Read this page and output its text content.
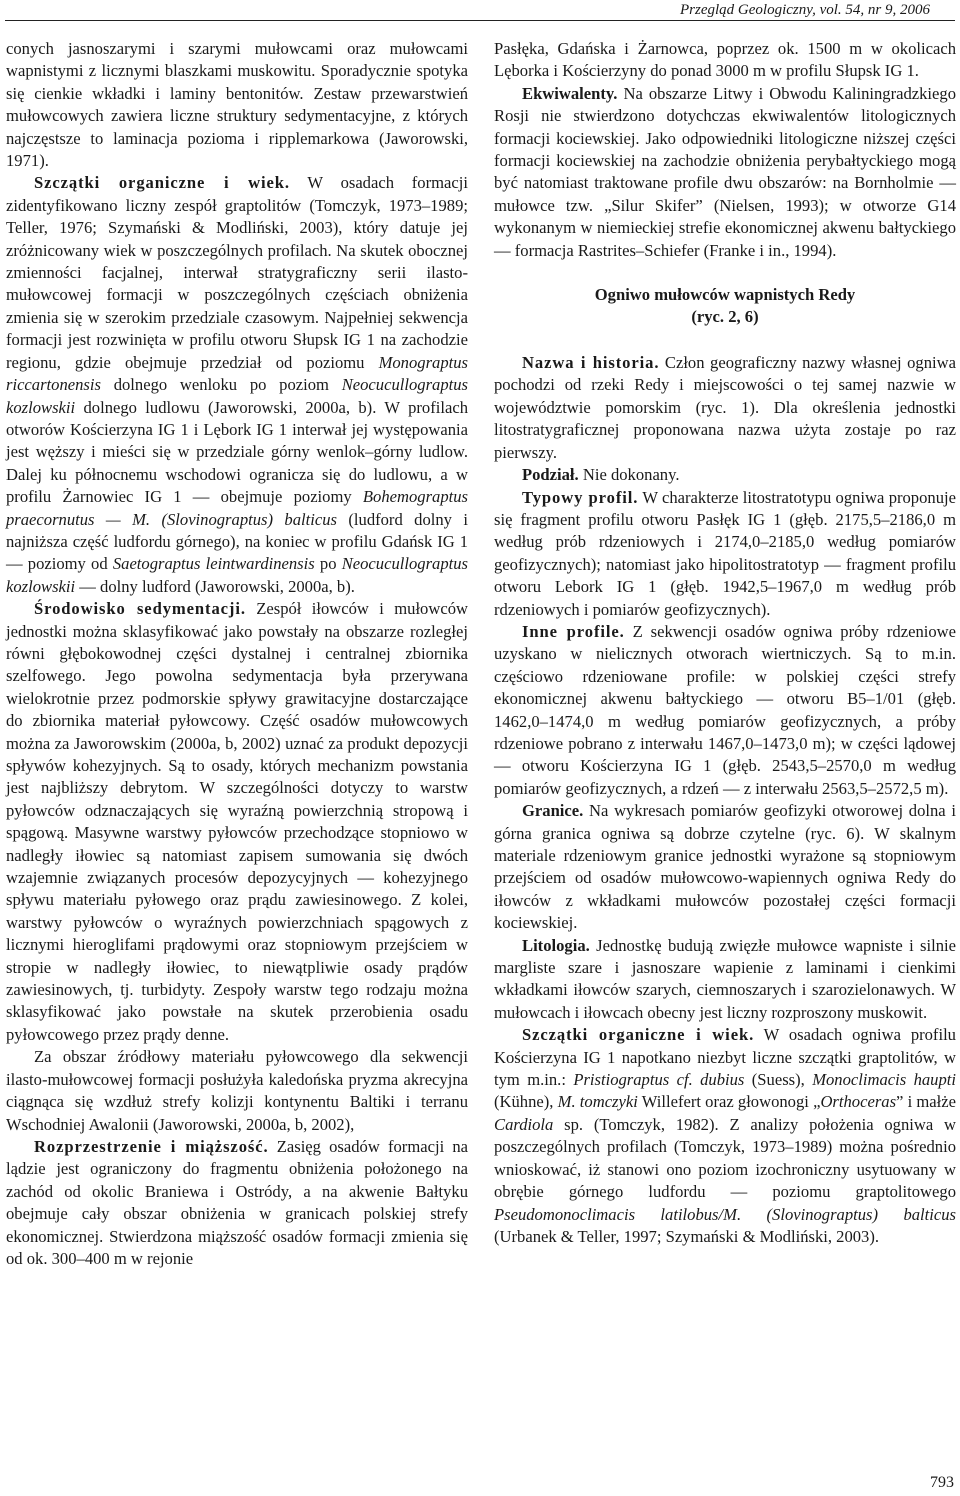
Przegląd Geologiczny, vol. 54, nr 9, 2006

conych jasnoszarymi i szarymi mułowcami oraz mułowcami wapnistymi z licznymi blaszkami muskowitu. Sporadycznie spotyka się cienkie wkładki i laminy bentonitów. Zestaw przewarstwień mułowcowych zawiera liczne struktury sedymentacyjne, z których najczęstsze to laminacja pozioma i ripplemarkowa (Jaworowski, 1971).

Szczątki organiczne i wiek. W osadach formacji zidentyfikowano liczny zespół graptolitów (Tomczyk, 1973–1989; Teller, 1976; Szymański & Modliński, 2003), który datuje jej zróżnicowany wiek w poszczególnych profilach. Na skutek obocznej zmienności facjalnej, interwał stratygraficzny serii ilasto-mułowcowej formacji w poszczególnych częściach obniżenia zmienia się w szerokim przedziale czasowym. Najpełniej sekwencja formacji jest rozwinięta w profilu otworu Słupsk IG 1 na zachodzie regionu, gdzie obejmuje przedział od poziomu Monograptus riccartonensis dolnego wenloku po poziom Neocucullograptus kozlowskii dolnego ludlowu (Jaworowski, 2000a, b). W profilach otworów Kościerzyna IG 1 i Lębork IG 1 interwał jej występowania jest węższy i mieści się w przedziale górny wenlok–górny ludlow. Dalej ku północnemu wschodowi ogranicza się do ludlowu, a w profilu Żarnowiec IG 1 — obejmuje poziomy Bohemograptus praecornutus — M. (Slovinograptus) balticus (ludford dolny i najniższa część ludfordu górnego), na koniec w profilu Gdańsk IG 1 — poziomy od Saetograptus leintwardinensis po Neocucullograptus kozlowskii — dolny ludford (Jaworowski, 2000a, b).

Środowisko sedymentacji. Zespół iłowców i mułowców jednostki można sklasyfikować jako powstały na obszarze rozległej równi głębokowodnej części dystalnej i centralnej zbiornika szelfowego. Jego powolna sedymentacja była przerywana wielokrotnie przez podmorskie spływy grawitacyjne dostarczające do zbiornika materiał pyłowcowy. Część osadów mułowcowych można za Jaworowskim (2000a, b, 2002) uznać za produkt depozycji spływów kohezyjnych. Są to osady, których mechanizm powstania jest najbliższy debrytom. W szczególności dotyczy to warstw pyłowców odznaczających się wyraźną powierzchnią stropową i spągową. Masywne warstwy pyłowców przechodzące stopniowo w nadległy iłowiec są natomiast zapisem sumowania się dwóch wzajemnie związanych procesów depozycyjnych — kohezyjnego spływu materiału pyłowego oraz prądu zawiesinowego. Z kolei, warstwy pyłowców o wyraźnych powierzchniach spągowych z licznymi hieroglifami prądowymi oraz stopniowym przejściem w stropie w nadległy iłowiec, to niewątpliwie osady prądów zawiesinowych, tj. turbidyty. Zespoły warstw tego rodzaju można sklasyfikować jako powstałe na skutek przerobienia osadu pyłowcowego przez prądy denne.

Za obszar źródłowy materiału pyłowcowego dla sekwencji ilasto-mułowcowej formacji posłużyła kaledońska pryzma akrecyjna ciągnąca się wzdłuż strefy kolizji kontynentu Baltiki i terranu Wschodniej Awalonii (Jaworowski, 2000a, b, 2002),

Rozprzestrzenie i miąższość. Zasięg osadów formacji na lądzie jest ograniczony do fragmentu obniżenia położonego na zachód od okolic Braniewa i Ostródy, a na akwenie Bałtyku obejmuje cały obszar obniżenia w granicach polskiej strefy ekonomicznej. Stwierdzona miąższość osadów formacji zmienia się od ok. 300–400 m w rejonie

Pasłęka, Gdańska i Żarnowca, poprzez ok. 1500 m w okolicach Lęborka i Kościerzyny do ponad 3000 m w profilu Słupsk IG 1.

Ekwiwalenty. Na obszarze Litwy i Obwodu Kaliningradzkiego Rosji nie stwierdzono dotychczas ekwiwalentów litologicznych formacji kociewskiej. Jako odpowiedniki litologiczne niższej części formacji kociewskiej na zachodzie obniżenia perybałtyckiego mogą być natomiast traktowane profile dwu obszarów: na Bornholmie — mułowce tzw. „Silur Skifer” (Nielsen, 1993); w otworze G14 wykonanym w niemieckiej strefie ekonomicznej akwenu bałtyckiego — formacja Rastrites–Schiefer (Franke i in., 1994).

Ogniwo mułowców wapnistych Redy
(ryc. 2, 6)

Nazwa i historia. Człon geograficzny nazwy własnej ogniwa pochodzi od rzeki Redy i miejscowości o tej samej nazwie w województwie pomorskim (ryc. 1). Dla określenia jednostki litostratygraficznej proponowana nazwa użyta zostaje po raz pierwszy.

Podział. Nie dokonany.

Typowy profil. W charakterze litostratotypu ogniwa proponuje się fragment profilu otworu Pasłęk IG 1 (głęb. 2175,5–2186,0 m według prób rdzeniowych i 2174,0–2185,0 według pomiarów geofizycznych); natomiast jako hipolitostratotyp — fragment profilu otworu Lebork IG 1 (głęb. 1942,5–1967,0 m według prób rdzeniowych i pomiarów geofizycznych).

Inne profile. Z sekwencji osadów ogniwa próby rdzeniowe uzyskano w nielicznych otworach wiertniczych. Są to m.in. częściowo rdzeniowane profile: w polskiej części strefy ekonomicznej akwenu bałtyckiego — otworu B5–1/01 (głęb. 1462,0–1474,0 m według pomiarów geofizycznych, a próby rdzeniowe pobrano z interwału 1467,0–1473,0 m); w części lądowej — otworu Kościerzyna IG 1 (głęb. 2543,5–2570,0 m według pomiarów geofizycznych, a rdzeń — z interwału 2563,5–2572,5 m).

Granice. Na wykresach pomiarów geofizyki otworowej dolna i górna granica ogniwa są dobrze czytelne (ryc. 6). W skalnym materiale rdzeniowym granice jednostki wyrażone są stopniowym przejściem od osadów mułowcowo-wapiennych ogniwa Redy do iłowców z wkładkami mułowców pozostałej części formacji kociewskiej.

Litologia. Jednostkę budują zwięzłe mułowce wapniste i silnie margliste szare i jasnoszare wapienie z laminami i cienkimi wkładkami iłowców szarych, ciemnoszarych i szarozielonawych. W mułowcach i iłowcach obecny jest liczny rozproszony muskowit.

Szczątki organiczne i wiek. W osadach ogniwa profilu Kościerzyna IG 1 napotkano niezbyt liczne szczątki graptolitów, w tym m.in.: Pristiograptus cf. dubius (Suess), Monoclimacis haupti (Kühne), M. tomczyki Willefert oraz głowonogi „Orthoceras” i małże Cardiola sp. (Tomczyk, 1982). Z analizy położenia ogniwa w poszczególnych profilach (Tomczyk, 1973–1989) można pośrednio wnioskować, iż stanowi ono poziom izochroniczny usytuowany w obrębie górnego ludfordu — poziomu graptolitowego Pseudomonoclimacis latilobus/M. (Slovinograptus) balticus (Urbanek & Teller, 1997; Szymański & Modliński, 2003).

793
